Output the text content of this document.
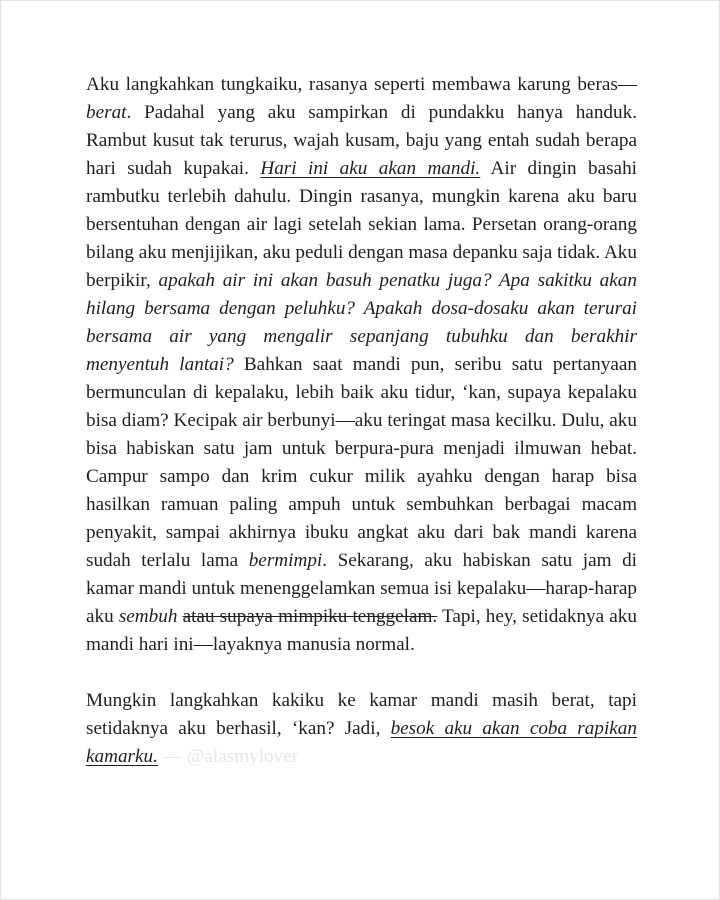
Aku langkahkan tungkaiku, rasanya seperti membawa karung beras—berat. Padahal yang aku sampirkan di pundakku hanya handuk. Rambut kusut tak terurus, wajah kusam, baju yang entah sudah berapa hari sudah kupakai. Hari ini aku akan mandi. Air dingin basahi rambutku terlebih dahulu. Dingin rasanya, mungkin karena aku baru bersentuhan dengan air lagi setelah sekian lama. Persetan orang-orang bilang aku menjijikan, aku peduli dengan masa depanku saja tidak. Aku berpikir, apakah air ini akan basuh penatku juga? Apa sakitku akan hilang bersama dengan peluhku? Apakah dosa-dosaku akan terurai bersama air yang mengalir sepanjang tubuhku dan berakhir menyentuh lantai? Bahkan saat mandi pun, seribu satu pertanyaan bermunculan di kepalaku, lebih baik aku tidur, ‘kan, supaya kepalaku bisa diam? Kecipak air berbunyi—aku teringat masa kecilku. Dulu, aku bisa habiskan satu jam untuk berpura-pura menjadi ilmuwan hebat. Campur sampo dan krim cukur milik ayahku dengan harap bisa hasilkan ramuan paling ampuh untuk sembuhkan berbagai macam penyakit, sampai akhirnya ibuku angkat aku dari bak mandi karena sudah terlalu lama bermimpi. Sekarang, aku habiskan satu jam di kamar mandi untuk menenggelamkan semua isi kepalaku—harap-harap aku sembuh atau supaya mimpiku tenggelam. Tapi, hey, setidaknya aku mandi hari ini—layaknya manusia normal.

Mungkin langkahkan kakiku ke kamar mandi masih berat, tapi setidaknya aku berhasil, ‘kan? Jadi, besok aku akan coba rapikan kamarku. — @alasmylover
